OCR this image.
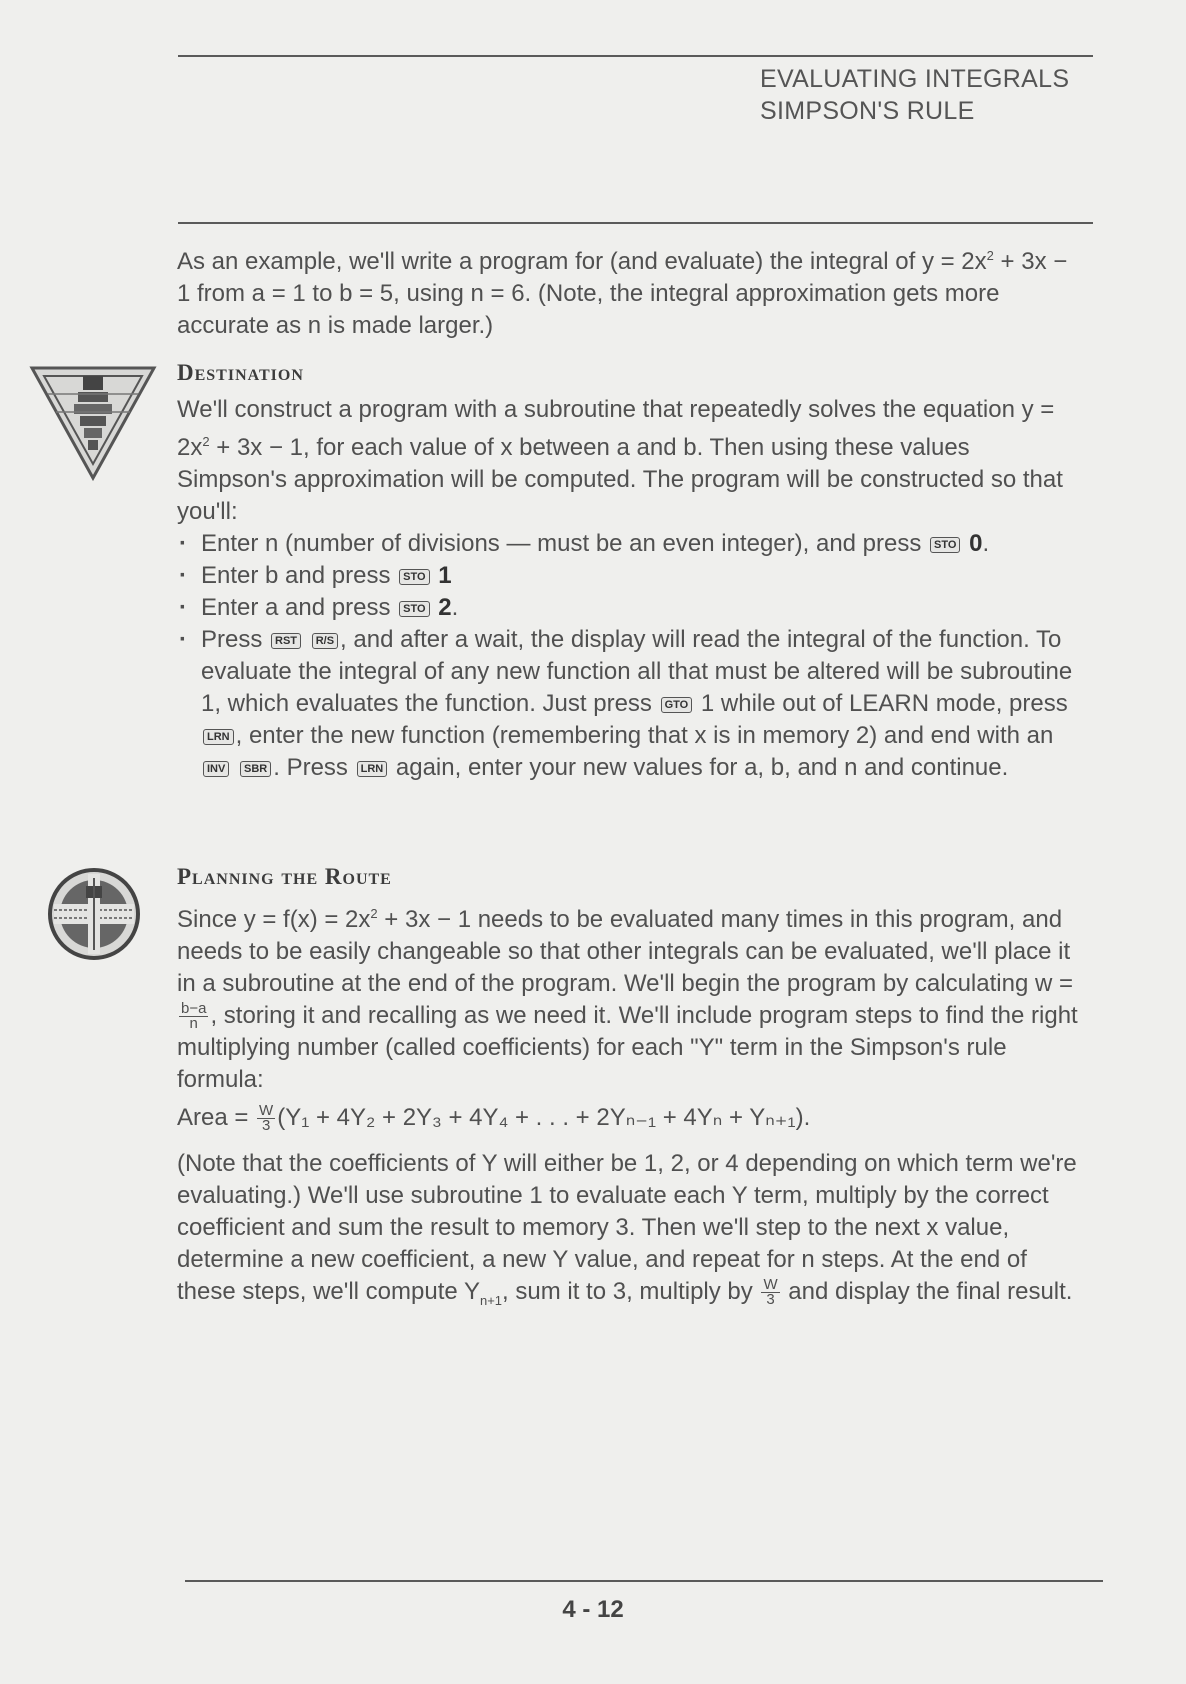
EVALUATING INTEGRALS
SIMPSON'S RULE

As an example, we'll write a program for (and evaluate) the integral of $y = 2x^2 + 3x - 1$ from a = 1 to b = 5, using n = 6. (Note, the integral approximation gets more accurate as n is made larger.)

Destination

We'll construct a program with a subroutine that repeatedly solves the equation $y = 2x^2 + 3x - 1$, for each value of x between a and b. Then using these values Simpson's approximation will be computed. The program will be constructed so that you'll:

· Enter n (number of divisions — must be an even integer), and press STO 0.
· Enter b and press STO 1
· Enter a and press STO 2.
· Press RST R/S , and after a wait, the display will read the integral of the function. To evaluate the integral of any new function all that must be altered will be subroutine 1, which evaluates the function. Just press GTO 1 while out of LEARN mode, press LRN , enter the new function (remembering that x is in memory 2) and end with an INV SBR . Press LRN again, enter your new values for a, b, and n and continue.
Planning the Route

Since $y = f(x) = 2x^2 + 3x - 1$ needs to be evaluated many times in this program, and needs to be easily changeable so that other integrals can be evaluated, we'll place it in a subroutine at the end of the program. We'll begin the program by calculating w =
$\frac{b-a}{n}$ , storing it and recalling as we need it. We'll include program steps to find the right multiplying number (called coefficients) for each "Y" term in the Simpson's rule formula:

Area = $\frac{W}{3} (Y_1 + 4Y_2 + 2Y_3 + 4Y_4$ + . . . + 2Yₙ₋₁ + 4Yₙ + Yₙ₊₁).

(Note that the coefficients of Y will either be 1, 2, or 4 depending on which term we're evaluating.) We'll use subroutine 1 to evaluate each Y term, multiply by the correct coefficient and sum the result to memory 3. Then we'll step to the next x value, determine a new coefficient, a new Y value, and repeat for n steps. At the end of these steps, we'll compute $Y_{n+1}$, sum it to 3, multiply by $\frac{W}{3}$ and display the final result.

4 - 12
